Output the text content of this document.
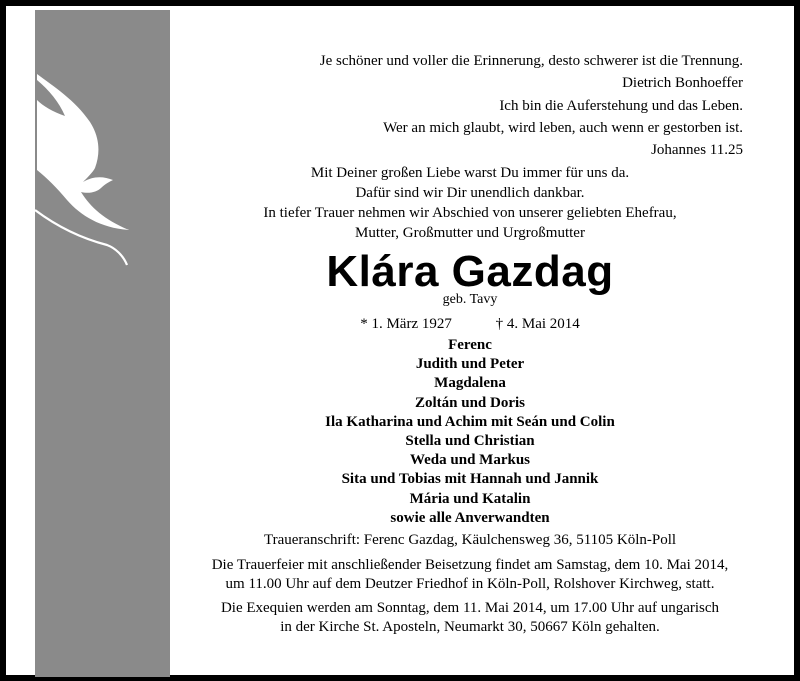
Je schöner und voller die Erinnerung, desto schwerer ist die Trennung.
Dietrich Bonhoeffer
Ich bin die Auferstehung und das Leben.
Wer an mich glaubt, wird leben, auch wenn er gestorben ist.
Johannes 11.25
Mit Deiner großen Liebe warst Du immer für uns da.
Dafür sind wir Dir unendlich dankbar.
In tiefer Trauer nehmen wir Abschied von unserer geliebten Ehefrau,
Mutter, Großmutter und Urgroßmutter
Klára Gazdag
geb. Tavy
* 1. März 1927	† 4. Mai 2014
Ferenc
Judith und Peter
Magdalena
Zoltán und Doris
Ila Katharina und Achim mit Seán und Colin
Stella und Christian
Weda und Markus
Sita und Tobias mit Hannah und Jannik
Mária und Katalin
sowie alle Anverwandten
Traueranschrift: Ferenc Gazdag, Käulchensweg 36, 51105 Köln-Poll
Die Trauerfeier mit anschließender Beisetzung findet am Samstag, dem 10. Mai 2014,
um 11.00 Uhr auf dem Deutzer Friedhof in Köln-Poll, Rolshover Kirchweg, statt.
Die Exequien werden am Sonntag, dem 11. Mai 2014, um 17.00 Uhr auf ungarisch
in der Kirche St. Aposteln, Neumarkt 30, 50667 Köln gehalten.
